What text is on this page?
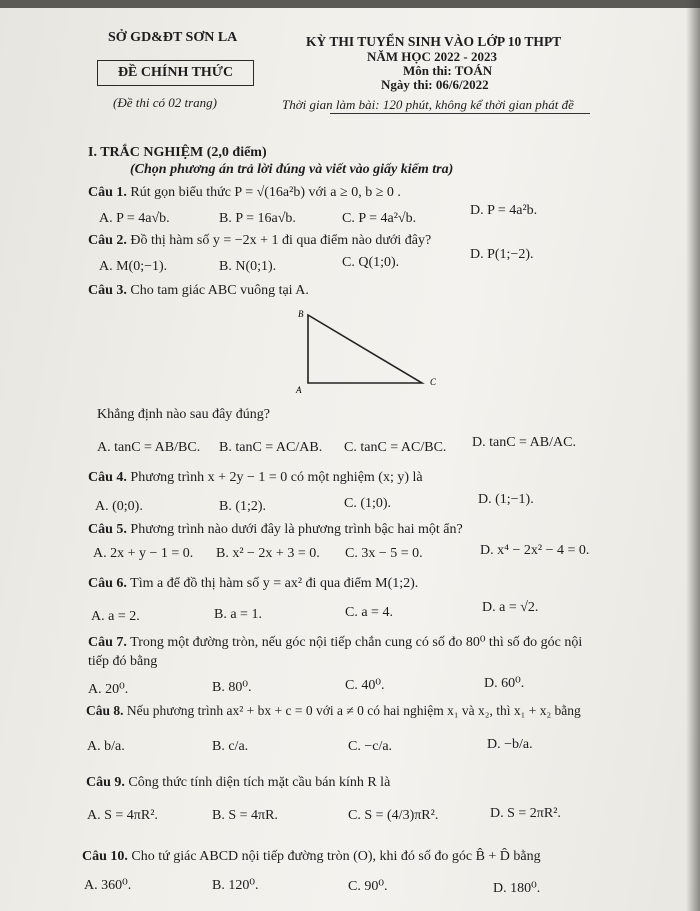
SỞ GD&ĐT SƠN LA
ĐỀ CHÍNH THỨC
(Đề thi có 02 trang)
KỲ THI TUYỂN SINH VÀO LỚP 10 THPT
NĂM HỌC 2022 - 2023
Môn thi: TOÁN
Ngày thi: 06/6/2022
Thời gian làm bài: 120 phút, không kể thời gian phát đề
I. TRẮC NGHIỆM (2,0 điểm)
(Chọn phương án trả lời đúng và viết vào giấy kiểm tra)
Câu 1. Rút gọn biểu thức P = √(16a²b) với a ≥ 0, b ≥ 0 .
A. P = 4a√b.	B. P = 16a√b.	C. P = 4a²√b.
D. P = 4a²b.
Câu 2. Đồ thị hàm số y = −2x + 1 đi qua điểm nào dưới đây?
A. M(0;−1).	B. N(0;1).	C. Q(1;0).
D. P(1;−2).
Câu 3. Cho tam giác ABC vuông tại A.
B
A
C
Khẳng định nào sau đây đúng?
A. tanC = AB/BC. B. tanC = AC/AB. C. tanC = AC/BC. D. tanC = AB/AC.
Câu 4. Phương trình x + 2y − 1 = 0 có một nghiệm (x; y) là
A. (0;0).	B. (1;2).	C. (1;0).	D. (1;−1).
Câu 5. Phương trình nào dưới đây là phương trình bậc hai một ẩn?
A. 2x + y − 1 = 0. B. x² − 2x + 3 = 0. C. 3x − 5 = 0.	D. x⁴ − 2x² − 4 = 0.
Câu 6. Tìm a để đồ thị hàm số y = ax² đi qua điểm M(1;2).
A. a = 2.	B. a = 1.	C. a = 4.	D. a = √2.
Câu 7. Trong một đường tròn, nếu góc nội tiếp chắn cung có số đo 80⁰ thì số đo góc nội
tiếp đó bằng
A. 20⁰.	B. 80⁰.	C. 40⁰.	D. 60⁰.
Câu 8. Nếu phương trình ax² + bx + c = 0 với a ≠ 0 có hai nghiệm x₁ và x₂, thì x₁ + x₂ bằng
A. b/a.	B. c/a.	C. −c/a.	D. −b/a.
Câu 9. Công thức tính diện tích mặt cầu bán kính R là
A. S = 4πR².	B. S = 4πR.	C. S = (4/3)πR².	D. S = 2πR².
Câu 10. Cho tứ giác ABCD nội tiếp đường tròn (O), khi đó số đo góc B̂ + D̂ bằng
A. 360⁰.	B. 120⁰.	C. 90⁰.	D. 180⁰.
